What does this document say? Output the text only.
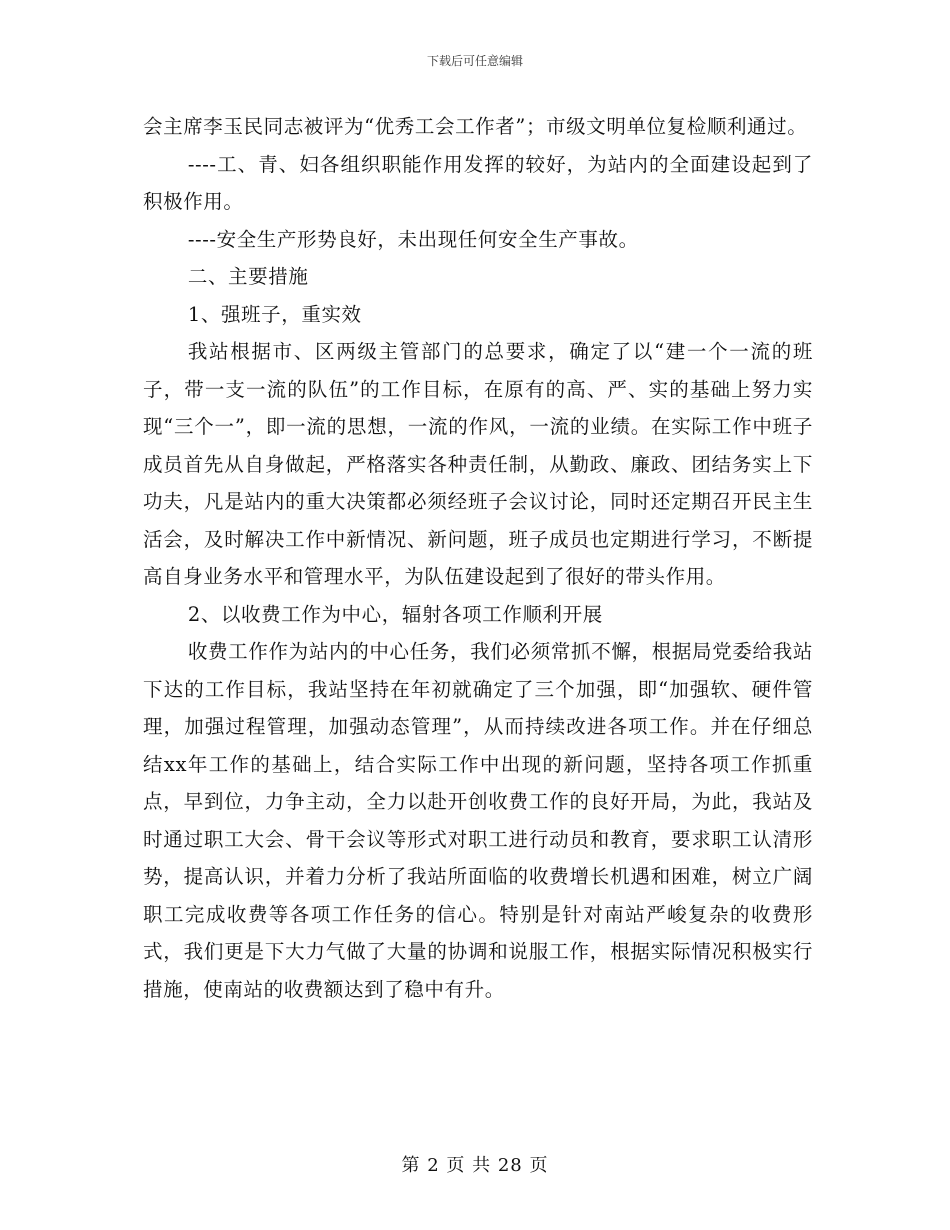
下载后可任意编辑

会主席李玉民同志被评为“优秀工会工作者”；市级文明单位复检顺利通过。

----工、青、妇各组织职能作用发挥的较好，为站内的全面建设起到了积极作用。

----安全生产形势良好，未出现任何安全生产事故。

二、主要措施

1、强班子，重实效

我站根据市、区两级主管部门的总要求，确定了以“建一个一流的班子，带一支一流的队伍”的工作目标，在原有的高、严、实的基础上努力实现“三个一”，即一流的思想，一流的作风，一流的业绩。在实际工作中班子成员首先从自身做起，严格落实各种责任制，从勤政、廉政、团结务实上下功夫，凡是站内的重大决策都必须经班子会议讨论，同时还定期召开民主生活会，及时解决工作中新情况、新问题，班子成员也定期进行学习，不断提高自身业务水平和管理水平，为队伍建设起到了很好的带头作用。

2、以收费工作为中心，辐射各项工作顺利开展

收费工作作为站内的中心任务，我们必须常抓不懈，根据局党委给我站下达的工作目标，我站坚持在年初就确定了三个加强，即“加强软、硬件管理，加强过程管理，加强动态管理”，从而持续改进各项工作。并在仔细总结xx年工作的基础上，结合实际工作中出现的新问题，坚持各项工作抓重点，早到位，力争主动，全力以赴开创收费工作的良好开局，为此，我站及时通过职工大会、骨干会议等形式对职工进行动员和教育，要求职工认清形势，提高认识，并着力分析了我站所面临的收费增长机遇和困难，树立广阔职工完成收费等各项工作任务的信心。特别是针对南站严峻复杂的收费形式，我们更是下大力气做了大量的协调和说服工作，根据实际情况积极实行措施，使南站的收费额达到了稳中有升。

第 2 页 共 28 页
